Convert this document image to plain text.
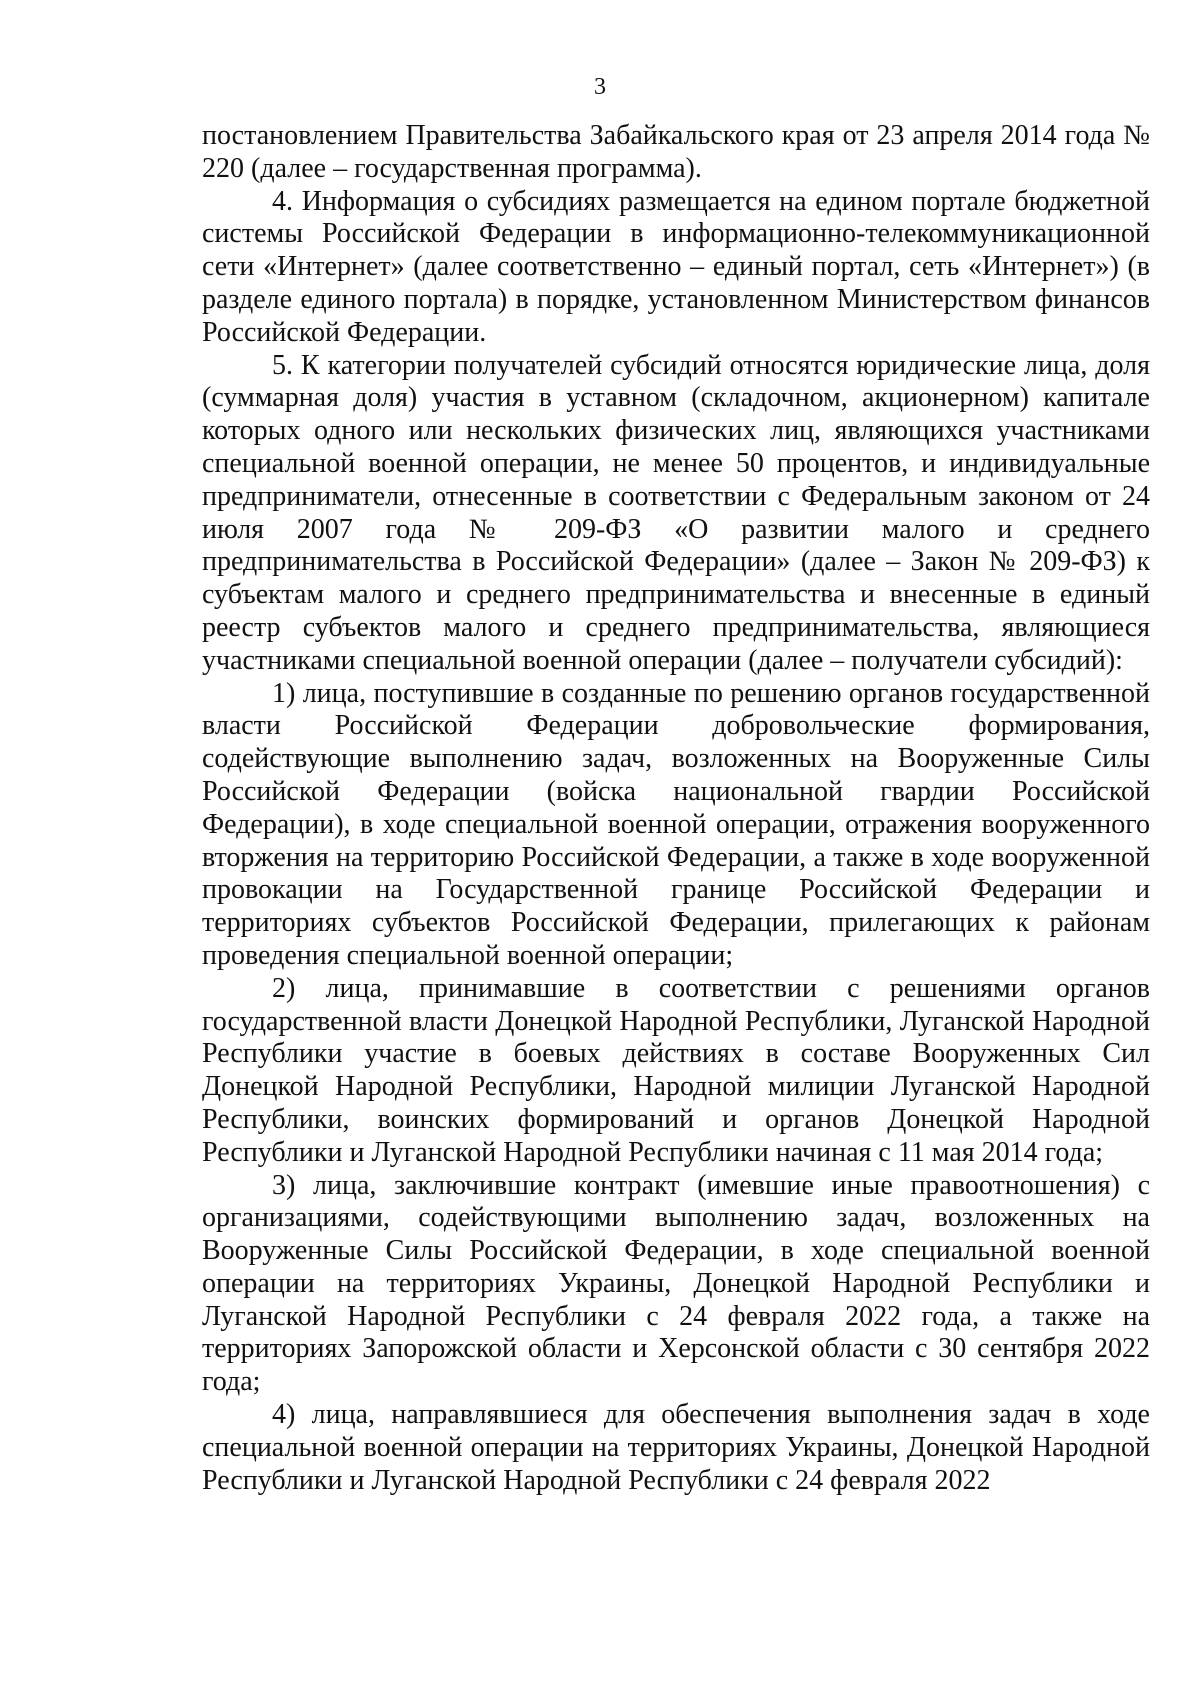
3

постановлением Правительства Забайкальского края от 23 апреля 2014 года № 220 (далее – государственная программа).

4. Информация о субсидиях размещается на едином портале бюджетной системы Российской Федерации в информационно-телекоммуникационной сети «Интернет» (далее соответственно – единый портал, сеть «Интернет») (в разделе единого портала) в порядке, установленном Министерством финансов Российской Федерации.

5. К категории получателей субсидий относятся юридические лица, доля (суммарная доля) участия в уставном (складочном, акционерном) капитале которых одного или нескольких физических лиц, являющихся участниками специальной военной операции, не менее 50 процентов, и индивидуальные предприниматели, отнесенные в соответствии с Федеральным законом от 24 июля 2007 года № 209-ФЗ «О развитии малого и среднего предпринимательства в Российской Федерации» (далее – Закон № 209-ФЗ) к субъектам малого и среднего предпринимательства и внесенные в единый реестр субъектов малого и среднего предпринимательства, являющиеся участниками специальной военной операции (далее – получатели субсидий):

1) лица, поступившие в созданные по решению органов государственной власти Российской Федерации добровольческие формирования, содействующие выполнению задач, возложенных на Вооруженные Силы Российской Федерации (войска национальной гвардии Российской Федерации), в ходе специальной военной операции, отражения вооруженного вторжения на территорию Российской Федерации, а также в ходе вооруженной провокации на Государственной границе Российской Федерации и территориях субъектов Российской Федерации, прилегающих к районам проведения специальной военной операции;

2) лица, принимавшие в соответствии с решениями органов государственной власти Донецкой Народной Республики, Луганской Народной Республики участие в боевых действиях в составе Вооруженных Сил Донецкой Народной Республики, Народной милиции Луганской Народной Республики, воинских формирований и органов Донецкой Народной Республики и Луганской Народной Республики начиная с 11 мая 2014 года;

3) лица, заключившие контракт (имевшие иные правоотношения) с организациями, содействующими выполнению задач, возложенных на Вооруженные Силы Российской Федерации, в ходе специальной военной операции на территориях Украины, Донецкой Народной Республики и Луганской Народной Республики с 24 февраля 2022 года, а также на территориях Запорожской области и Херсонской области с 30 сентября 2022 года;

4) лица, направлявшиеся для обеспечения выполнения задач в ходе специальной военной операции на территориях Украины, Донецкой Народной Республики и Луганской Народной Республики с 24 февраля 2022
